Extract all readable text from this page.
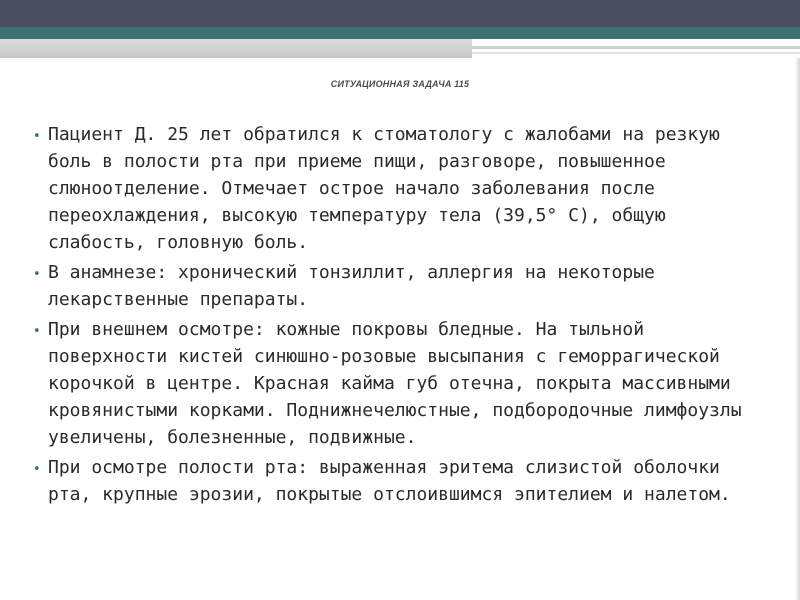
СИТУАЦИОННАЯ ЗАДАЧА 115
• Пациент Д. 25 лет обратился к стоматологу с жалобами на резкую боль в полости рта при приеме пищи, разговоре, повышенное слюноотделение. Отмечает острое начало заболевания после переохлаждения, высокую температуру тела (39,5° С), общую слабость, головную боль.
• В анамнезе: хронический тонзиллит, аллергия на некоторые лекарственные препараты.
• При внешнем осмотре: кожные покровы бледные. На тыльной поверхности кистей синюшно-розовые высыпания с геморрагической корочкой в центре. Красная кайма губ отечна, покрыта массивными кровянистыми корками. Поднижнечелюстные, подбородочные лимфоузлы увеличены, болезненные, подвижные.
• При осмотре полости рта: выраженная эритема слизистой оболочки рта, крупные эрозии, покрытые отслоившимся эпителием и налетом.
